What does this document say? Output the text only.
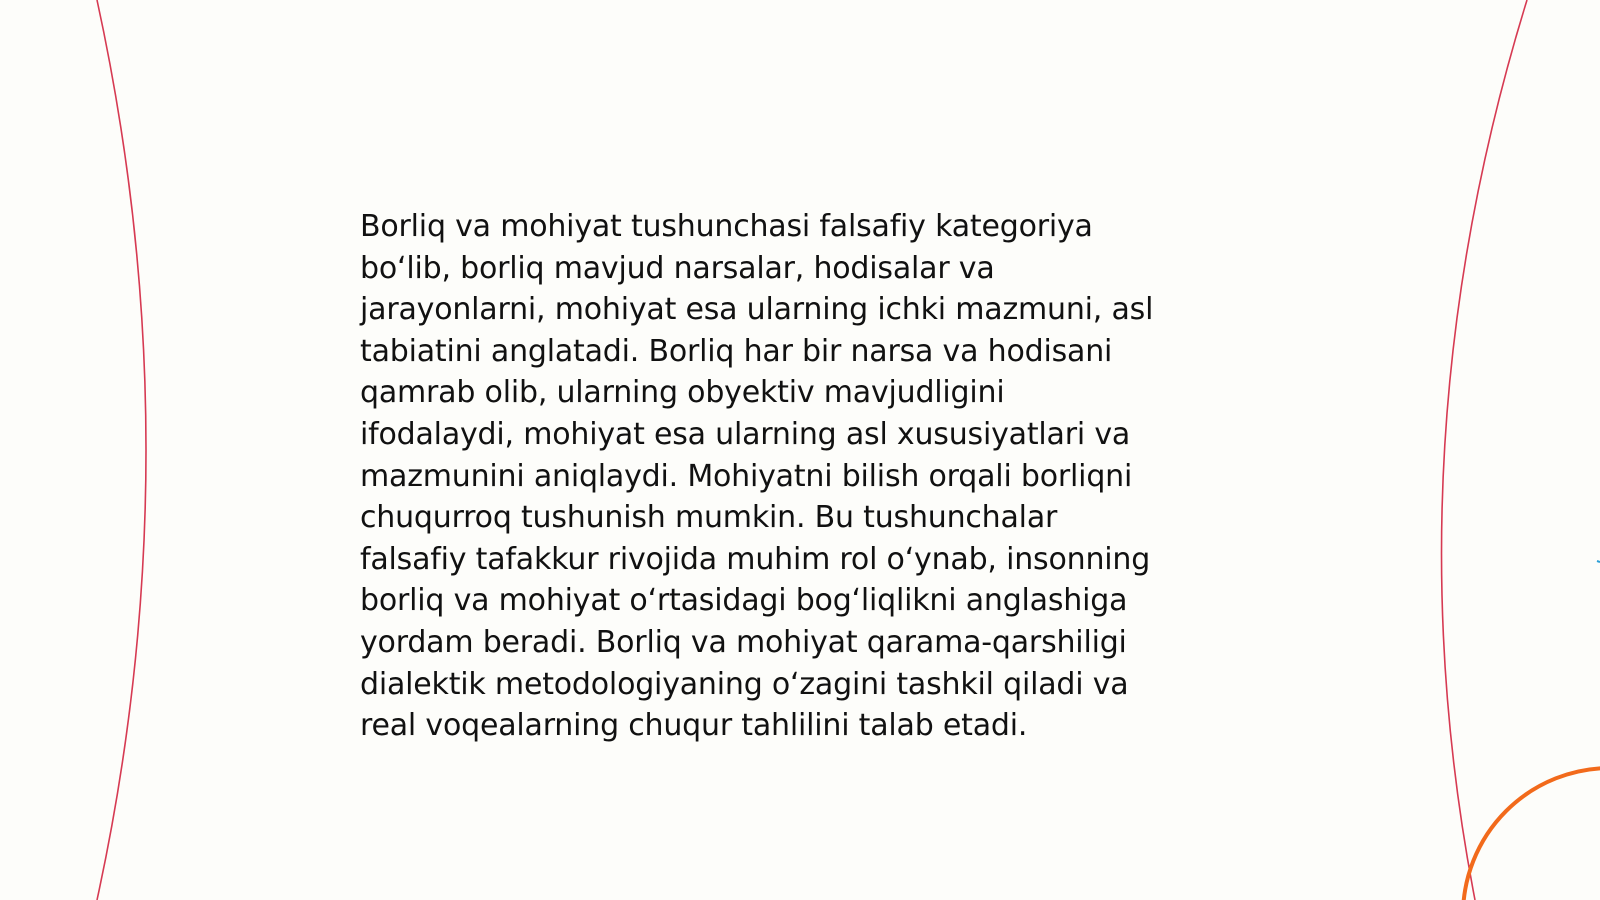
Borliq va mohiyat tushunchasi falsafiy kategoriya
bo‘lib, borliq mavjud narsalar, hodisalar va
jarayonlarni, mohiyat esa ularning ichki mazmuni, asl
tabiatini anglatadi. Borliq har bir narsa va hodisani
qamrab olib, ularning obyektiv mavjudligini
ifodalaydi, mohiyat esa ularning asl xususiyatlari va
mazmunini aniqlaydi. Mohiyatni bilish orqali borliqni
chuqurroq tushunish mumkin. Bu tushunchalar
falsafiy tafakkur rivojida muhim rol o‘ynab, insonning
borliq va mohiyat o‘rtasidagi bog‘liqlikni anglashiga
yordam beradi. Borliq va mohiyat qarama-qarshiligi
dialektik metodologiyaning o‘zagini tashkil qiladi va
real voqealarning chuqur tahlilini talab etadi.
